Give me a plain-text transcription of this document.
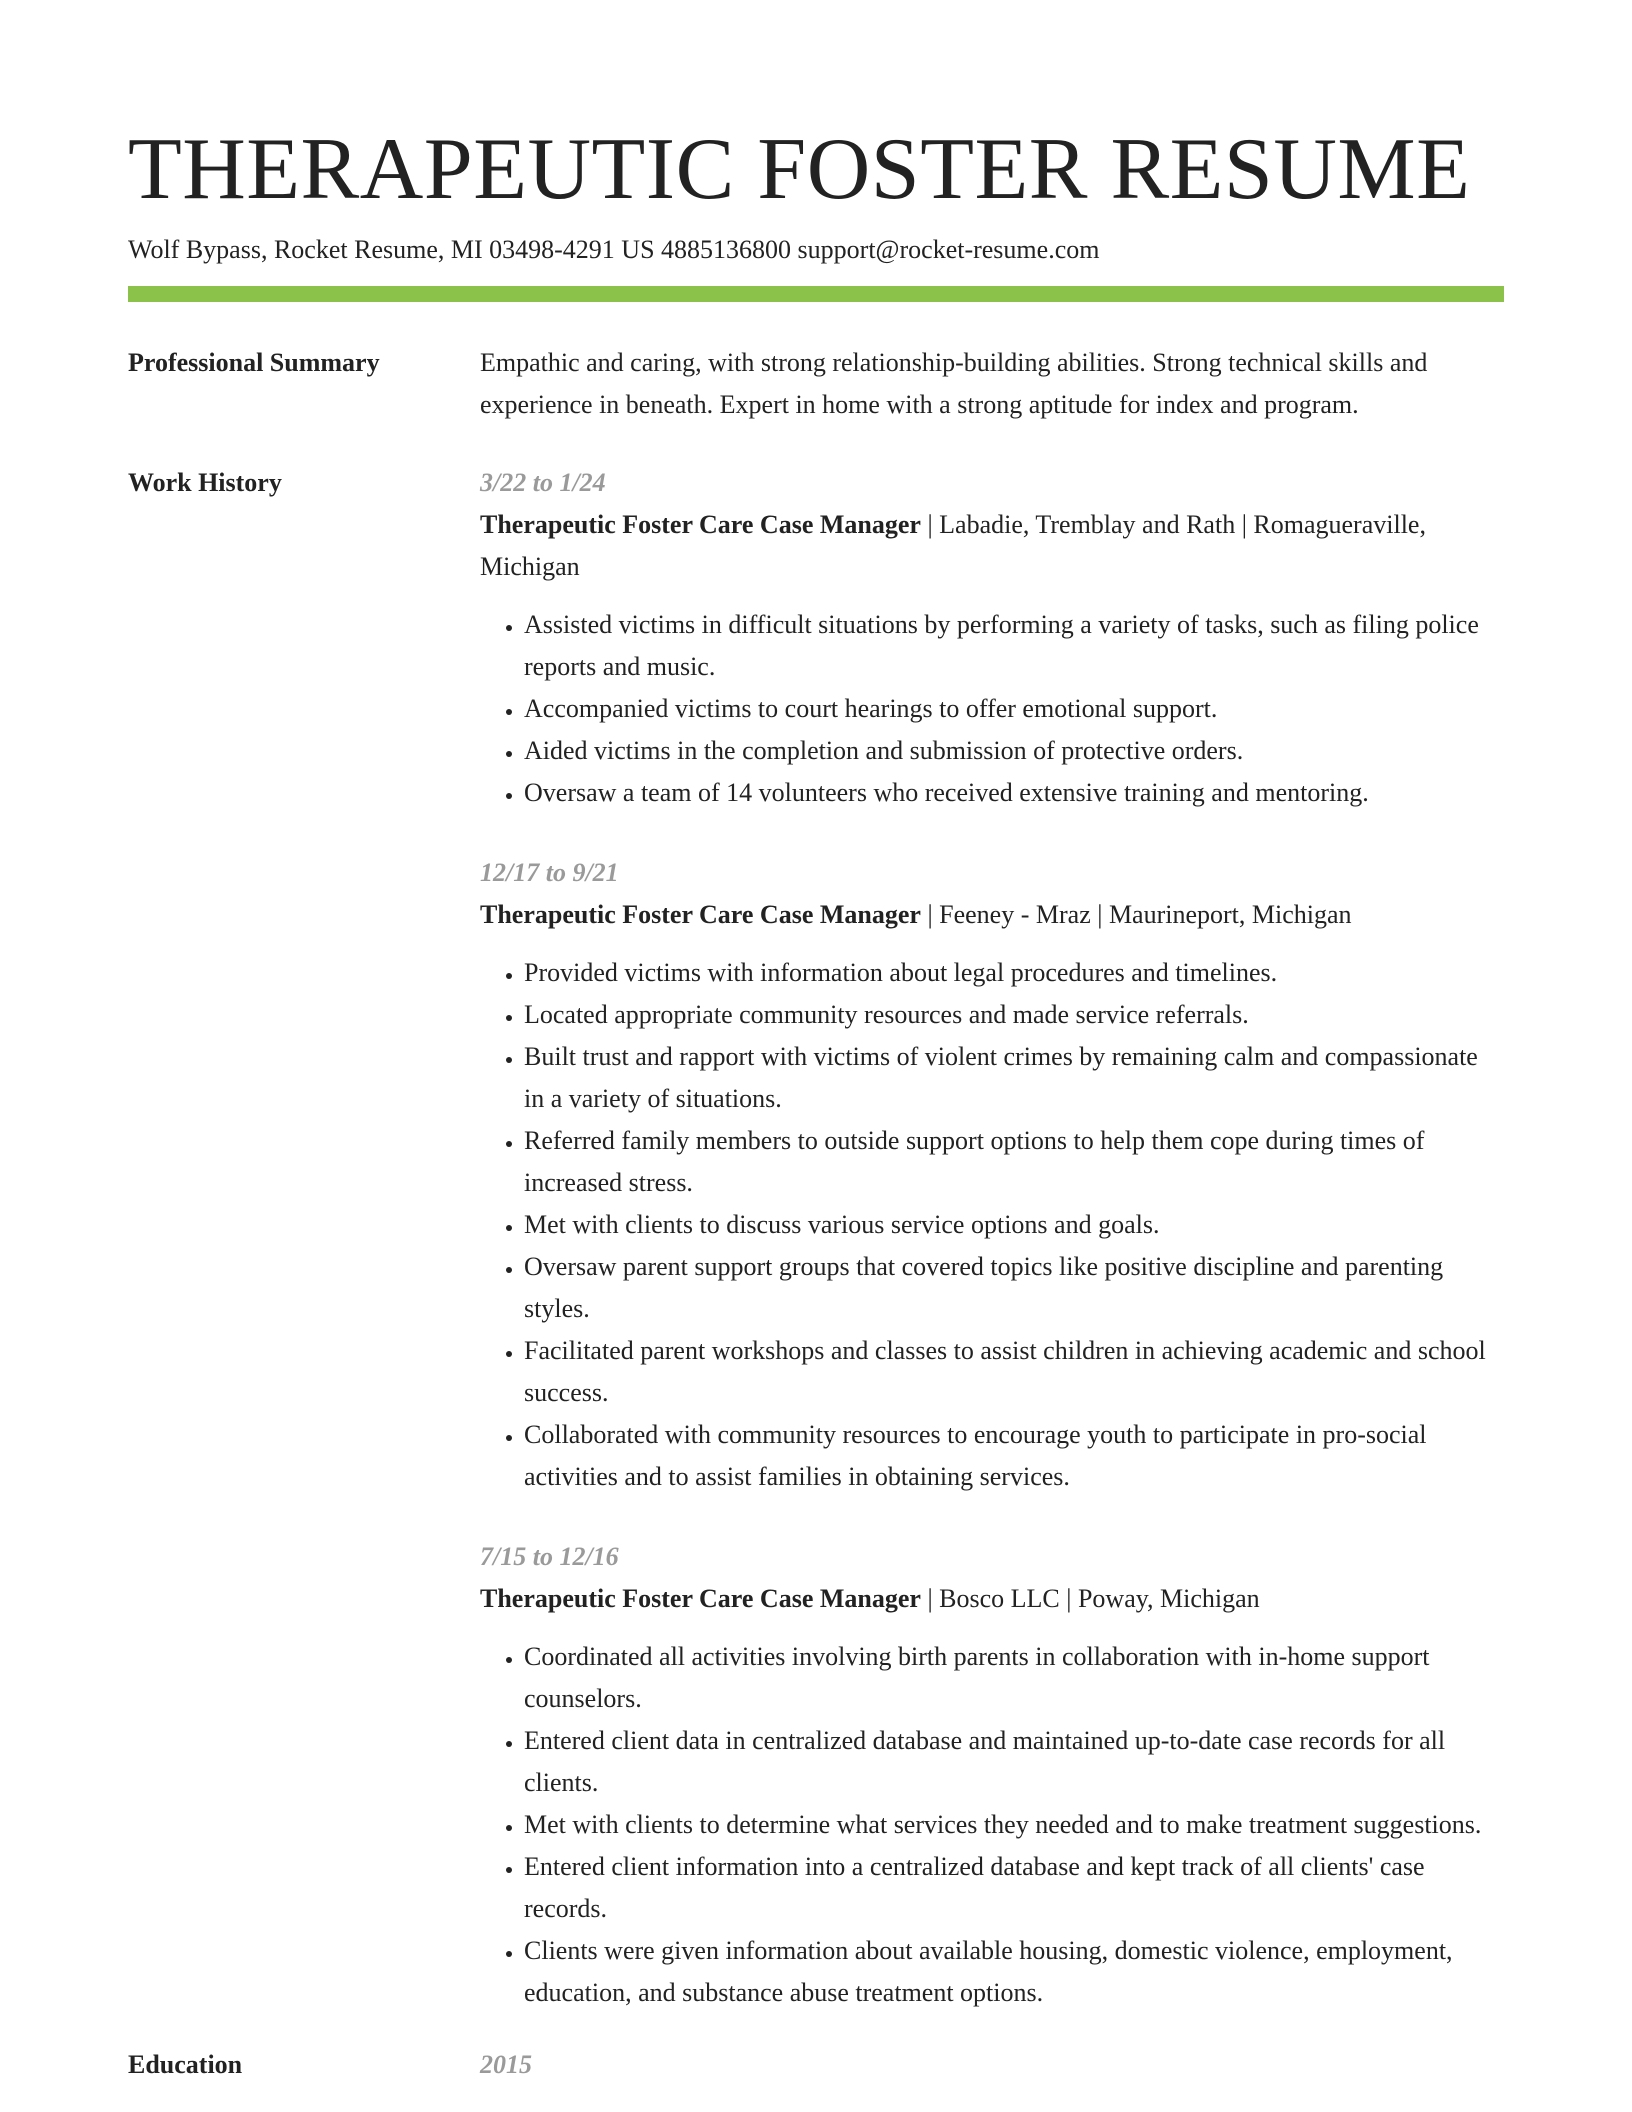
THERAPEUTIC FOSTER RESUME
Wolf Bypass, Rocket Resume, MI 03498-4291 US 4885136800 support@rocket-resume.com
Professional Summary	Empathic and caring, with strong relationship-building abilities. Strong technical skills and experience in beneath. Expert in home with a strong aptitude for index and program.
Work History	3/22 to 1/24
Therapeutic Foster Care Case Manager | Labadie, Tremblay and Rath | Romagueraville, Michigan
• Assisted victims in difficult situations by performing a variety of tasks, such as filing police reports and music.
• Accompanied victims to court hearings to offer emotional support.
• Aided victims in the completion and submission of protective orders.
• Oversaw a team of 14 volunteers who received extensive training and mentoring.
12/17 to 9/21
Therapeutic Foster Care Case Manager | Feeney - Mraz | Maurineport, Michigan
• Provided victims with information about legal procedures and timelines.
• Located appropriate community resources and made service referrals.
• Built trust and rapport with victims of violent crimes by remaining calm and compassionate in a variety of situations.
• Referred family members to outside support options to help them cope during times of increased stress.
• Met with clients to discuss various service options and goals.
• Oversaw parent support groups that covered topics like positive discipline and parenting styles.
• Facilitated parent workshops and classes to assist children in achieving academic and school success.
• Collaborated with community resources to encourage youth to participate in pro-social activities and to assist families in obtaining services.
7/15 to 12/16
Therapeutic Foster Care Case Manager | Bosco LLC | Poway, Michigan
• Coordinated all activities involving birth parents in collaboration with in-home support counselors.
• Entered client data in centralized database and maintained up-to-date case records for all clients.
• Met with clients to determine what services they needed and to make treatment suggestions.
• Entered client information into a centralized database and kept track of all clients' case records.
• Clients were given information about available housing, domestic violence, employment, education, and substance abuse treatment options.
Education	2015
